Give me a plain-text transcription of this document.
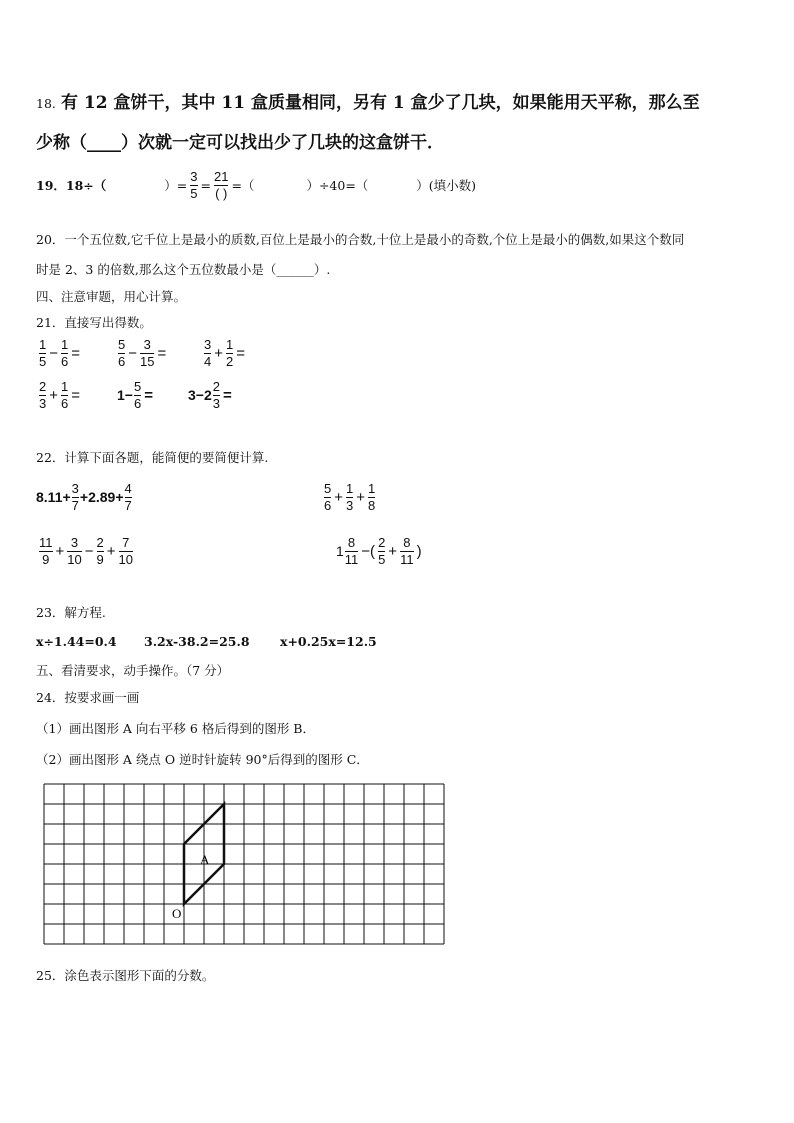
18. 有 12 盒饼干，其中 11 盒质量相同，另有 1 盒少了几块，如果能用天平称，那么至
少称（____）次就一定可以找出少了几块的这盒饼干．
19． 18÷（	）= $\frac{3}{5} = \frac{21}{( )}$ =（	）÷40=（	）(填小数)
20．一个五位数,它千位上是最小的质数,百位上是最小的合数,十位上是最小的奇数,个位上是最小的偶数,如果这个数同
时是 2、3 的倍数,那么这个五位数最小是（______）.
四、注意审题，用心计算。
21．直接写出得数。
$\frac{1}{5} - \frac{1}{6}$ =	$\frac{5}{6} - \frac{3}{15}$ =	$\frac{3}{4} + \frac{1}{2}$ =
$\frac{2}{3} + \frac{1}{6}$ =	$1- \frac{5}{6}$ =	$3-2 \frac{2}{3}$ =
22．计算下面各题，能简便的要简便计算.
$8.11+ \frac{3}{7} +2.89+ \frac{4}{7}$	$\frac{5}{6} + \frac{1}{3} + \frac{1}{8}$
$\frac{11}{9} + \frac{3}{10} - \frac{2}{9} + \frac{7}{10}$	$1 \frac{8}{11}$ −( $\frac{2}{5} + \frac{8}{11}$ )
23．解方程.
x÷1.44=0.4 3.2x-38.2=25.8 x+0.25x=12.5
五、看清要求，动手操作。（7 分）
24．按要求画一画
（1）画出图形 A 向右平移 6 格后得到的图形 B．
（2）画出图形 A 绕点 O 逆时针旋转 90°后得到的图形 C．
A
O
25．涂色表示图形下面的分数。
